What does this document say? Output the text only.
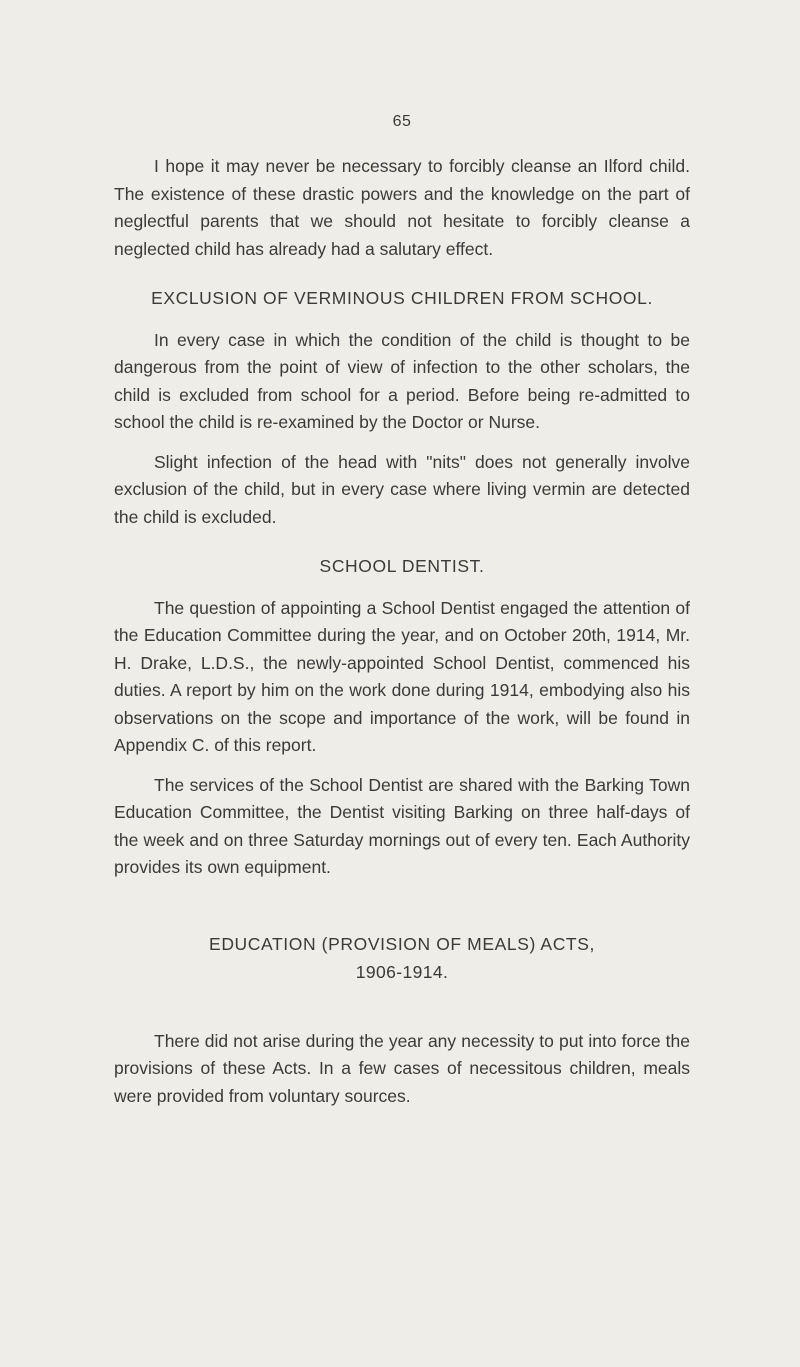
65

I hope it may never be necessary to forcibly cleanse an Ilford child. The existence of these drastic powers and the knowledge on the part of neglectful parents that we should not hesitate to forcibly cleanse a neglected child has already had a salutary effect.

EXCLUSION OF VERMINOUS CHILDREN FROM SCHOOL.

In every case in which the condition of the child is thought to be dangerous from the point of view of infection to the other scholars, the child is excluded from school for a period. Before being re-admitted to school the child is re-examined by the Doctor or Nurse.

Slight infection of the head with "nits" does not generally involve exclusion of the child, but in every case where living vermin are detected the child is excluded.

SCHOOL DENTIST.

The question of appointing a School Dentist engaged the attention of the Education Committee during the year, and on October 20th, 1914, Mr. H. Drake, L.D.S., the newly-appointed School Dentist, commenced his duties. A report by him on the work done during 1914, embodying also his observations on the scope and importance of the work, will be found in Appendix C. of this report.

The services of the School Dentist are shared with the Barking Town Education Committee, the Dentist visiting Barking on three half-days of the week and on three Saturday mornings out of every ten. Each Authority provides its own equipment.

EDUCATION (PROVISION OF MEALS) ACTS,

1906-1914.

There did not arise during the year any necessity to put into force the provisions of these Acts. In a few cases of necessitous children, meals were provided from voluntary sources.
